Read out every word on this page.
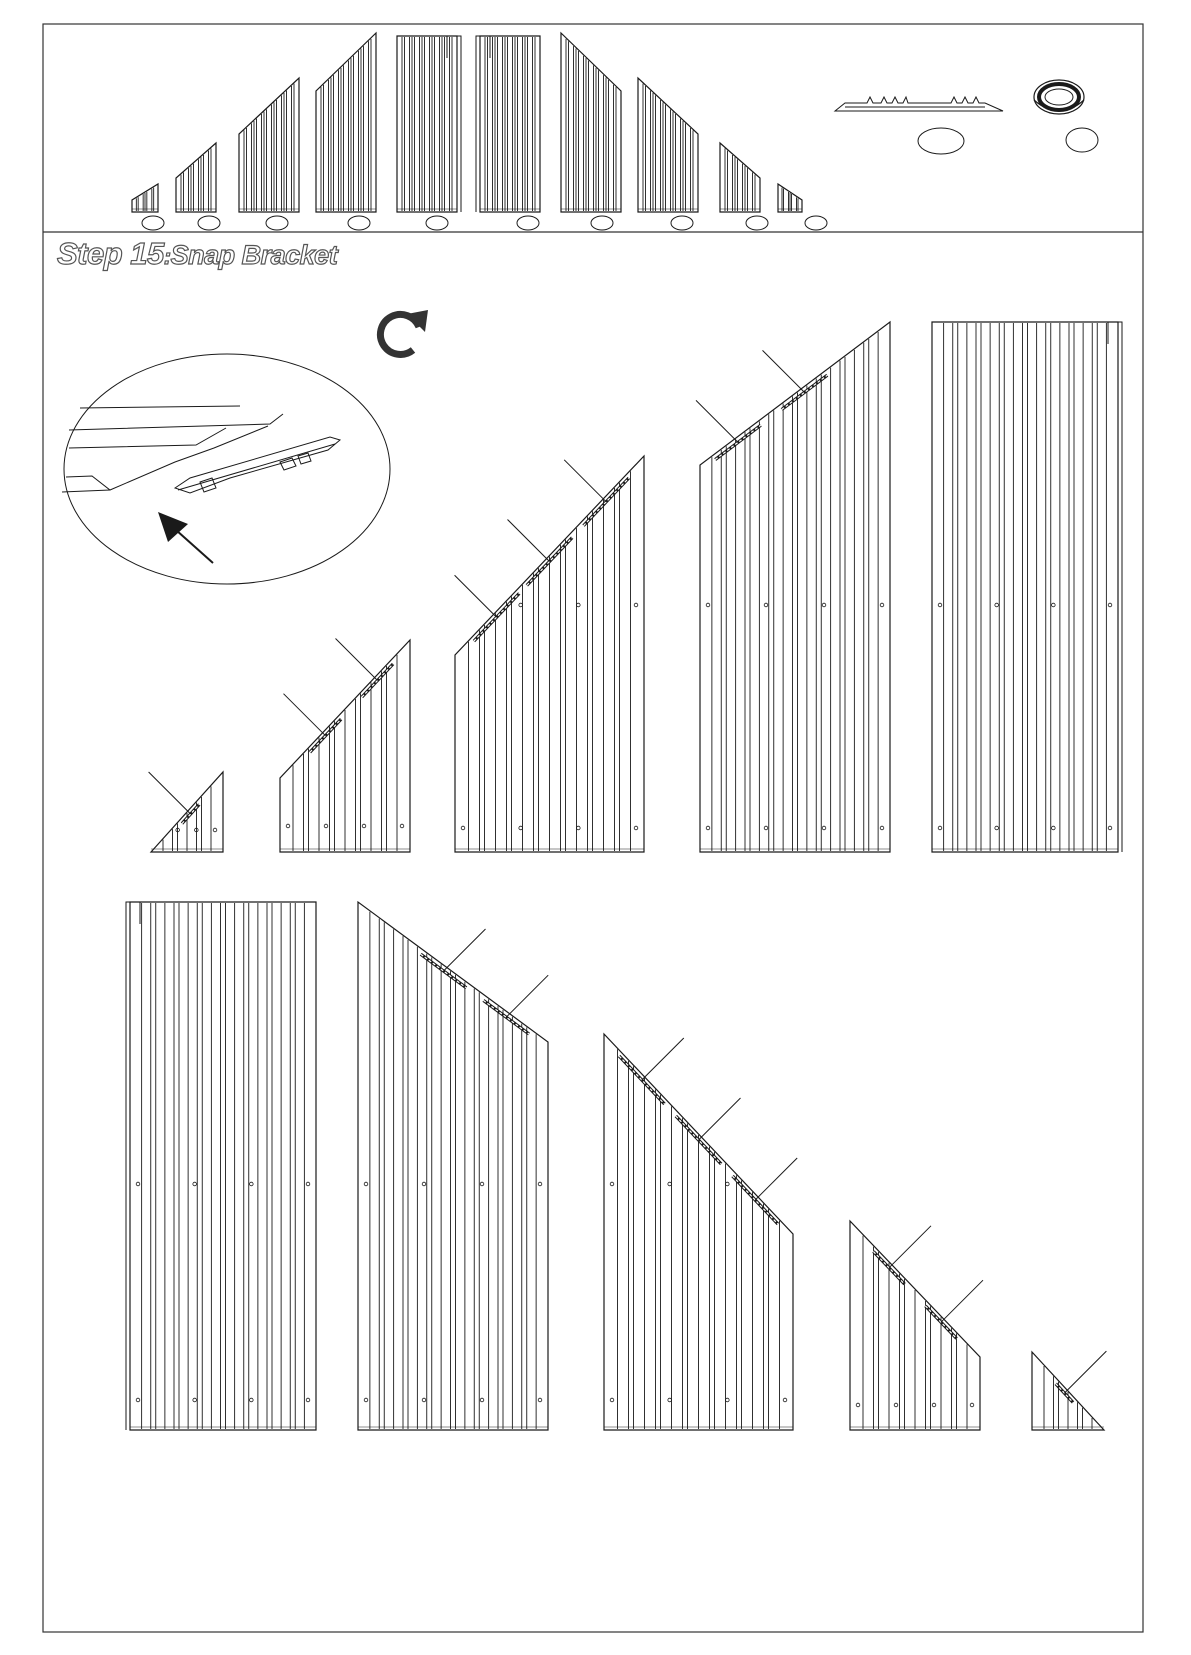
Step 15:Snap Bracket
